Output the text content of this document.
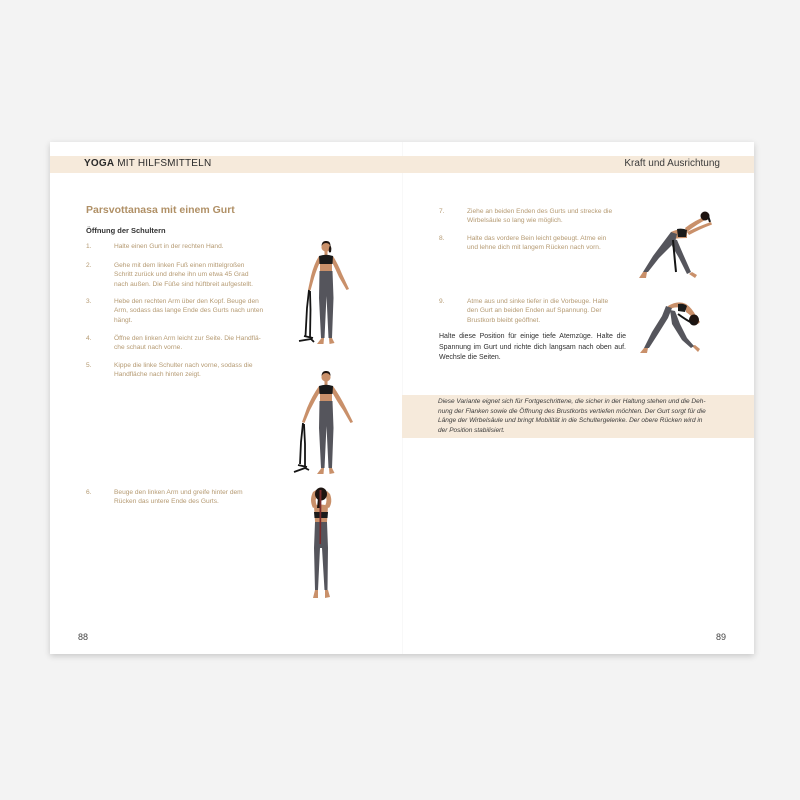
YOGA MIT HILFSMITTELN	Kraft und Ausrichtung
Parsvottanasa mit einem Gurt
Öffnung der Schultern
1.	Halte einen Gurt in der rechten Hand.
2.	Gehe mit dem linken Fuß einen mittelgroßen
Schritt zurück und drehe ihn um etwa 45 Grad
nach außen. Die Füße sind hüftbreit aufgestellt.
3.	Hebe den rechten Arm über den Kopf. Beuge den
Arm, sodass das lange Ende des Gurts nach unten
hängt.
4.	Öffne den linken Arm leicht zur Seite. Die Handflä-
che schaut nach vorne.
5.	Kippe die linke Schulter nach vorne, sodass die
Handfläche nach hinten zeigt.
6.	Beuge den linken Arm und greife hinter dem
Rücken das untere Ende des Gurts.
7.	Ziehe an beiden Enden des Gurts und strecke die
Wirbelsäule so lang wie möglich.
8.	Halte das vordere Bein leicht gebeugt. Atme ein
und lehne dich mit langem Rücken nach vorn.
9.	Atme aus und sinke tiefer in die Vorbeuge. Halte
den Gurt an beiden Enden auf Spannung. Der
Brustkorb bleibt geöffnet.
Halte diese Position für einige tiefe Atemzüge. Halte die Spannung im Gurt und richte dich langsam nach oben auf. Wechsle die Seiten.
Diese Variante eignet sich für Fortgeschrittene, die sicher in der Haltung stehen und die Deh-
nung der Flanken sowie die Öffnung des Brustkorbs vertiefen möchten. Der Gurt sorgt für die
Länge der Wirbelsäule und bringt Mobilität in die Schultergelenke. Der obere Rücken wird in
der Position stabilisiert.
88	89
